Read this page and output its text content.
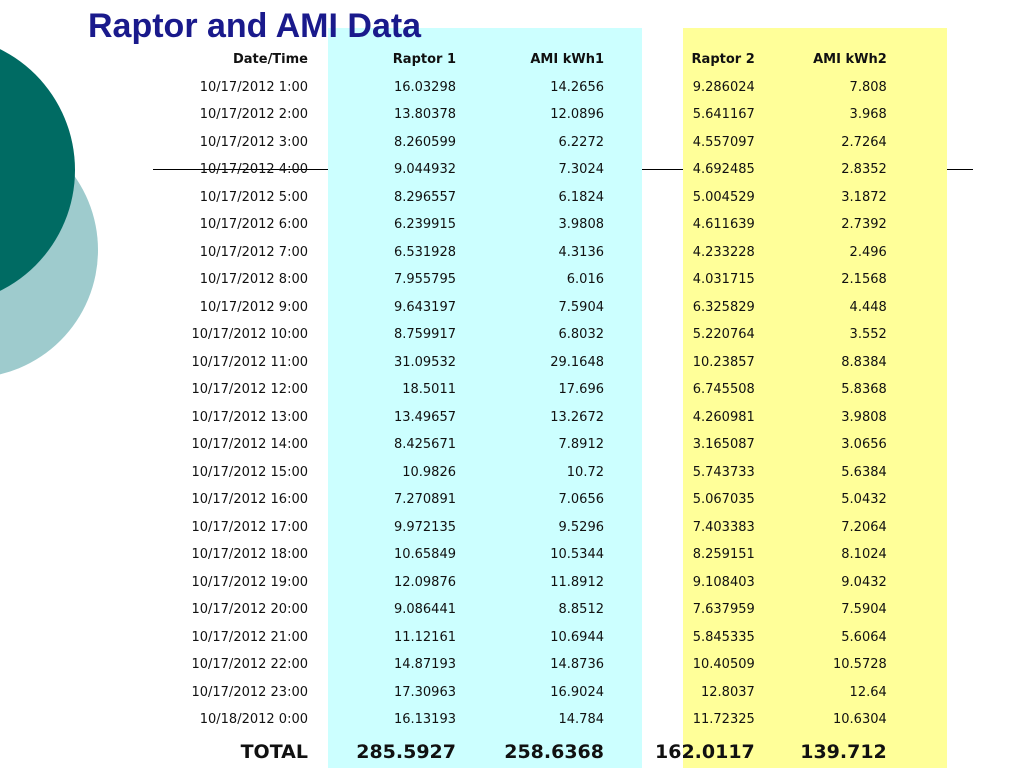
Raptor and AMI Data
Date/Time	Raptor 1	AMI kWh1		Raptor 2	AMI kWh2
10/17/2012 1:00	16.03298	14.2656		9.286024	7.808
10/17/2012 2:00	13.80378	12.0896		5.641167	3.968
10/17/2012 3:00	8.260599	6.2272		4.557097	2.7264
10/17/2012 4:00	9.044932	7.3024		4.692485	2.8352
10/17/2012 5:00	8.296557	6.1824		5.004529	3.1872
10/17/2012 6:00	6.239915	3.9808		4.611639	2.7392
10/17/2012 7:00	6.531928	4.3136		4.233228	2.496
10/17/2012 8:00	7.955795	6.016		4.031715	2.1568
10/17/2012 9:00	9.643197	7.5904		6.325829	4.448
10/17/2012 10:00	8.759917	6.8032		5.220764	3.552
10/17/2012 11:00	31.09532	29.1648		10.23857	8.8384
10/17/2012 12:00	18.5011	17.696		6.745508	5.8368
10/17/2012 13:00	13.49657	13.2672		4.260981	3.9808
10/17/2012 14:00	8.425671	7.8912		3.165087	3.0656
10/17/2012 15:00	10.9826	10.72		5.743733	5.6384
10/17/2012 16:00	7.270891	7.0656		5.067035	5.0432
10/17/2012 17:00	9.972135	9.5296		7.403383	7.2064
10/17/2012 18:00	10.65849	10.5344		8.259151	8.1024
10/17/2012 19:00	12.09876	11.8912		9.108403	9.0432
10/17/2012 20:00	9.086441	8.8512		7.637959	7.5904
10/17/2012 21:00	11.12161	10.6944		5.845335	5.6064
10/17/2012 22:00	14.87193	14.8736		10.40509	10.5728
10/17/2012 23:00	17.30963	16.9024		12.8037	12.64
10/18/2012 0:00	16.13193	14.784		11.72325	10.6304
TOTAL	285.5927	258.6368		162.0117	139.712
